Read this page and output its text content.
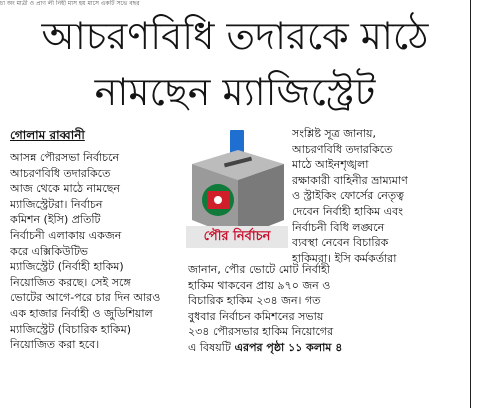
চা অং মাত্রী ও প্রাণ লী নিহী মাস হয় মাসে একটি সভে বছর
আচরণবিধি তদারকে মাঠে
নামছেন ম্যাজিস্ট্রেট
গোলাম রাব্বানী
আসন্ন পৌরসভা নির্বাচনে
আচরণবিধি তদারকিতে
আজ থেকে মাঠে নামছেন
ম্যাজিস্ট্রেটরা। নির্বাচন
কমিশন (ইসি) প্রতিটি
নির্বাচনী এলাকায় একজন
করে এক্সিকিউটিভ
ম্যাজিস্ট্রেট (নির্বাহী হাকিম)
নিয়োজিত করছে। সেই সঙ্গে
ভোটের আগে-পরে চার দিন আরও
এক হাজার নির্বাহী ও জুডিশিয়াল
ম্যাজিস্ট্রেট (বিচারিক হাকিম)
নিয়োজিত করা হবে।
পৌর নির্বাচন
সংশ্লিষ্ট সূত্র জানায়,
আচরণবিধি তদারকিতে
মাঠে আইনশৃঙ্খলা
রক্ষাকারী বাহিনীর ভ্রাম্যমাণ
ও স্ট্রাইকিং ফোর্সের নেতৃত্ব
দেবেন নির্বাহী হাকিম এবং
নির্বাচনী বিধি লঙ্ঘনে
ব্যবস্থা নেবেন বিচারিক
হাকিমরা। ইসি কর্মকর্তারা
জানান, পৌর ভোটে মোট নির্বাহী
হাকিম থাকবেন প্রায় ৯৭০ জন ও
বিচারিক হাকিম ২৩৪ জন। গত
বুধবার নির্বাচন কমিশনের সভায়
২৩৪ পৌরসভার হাকিম নিয়োগের
এ বিষয়টি এরপর পৃষ্ঠা ১১ কলাম ৪
